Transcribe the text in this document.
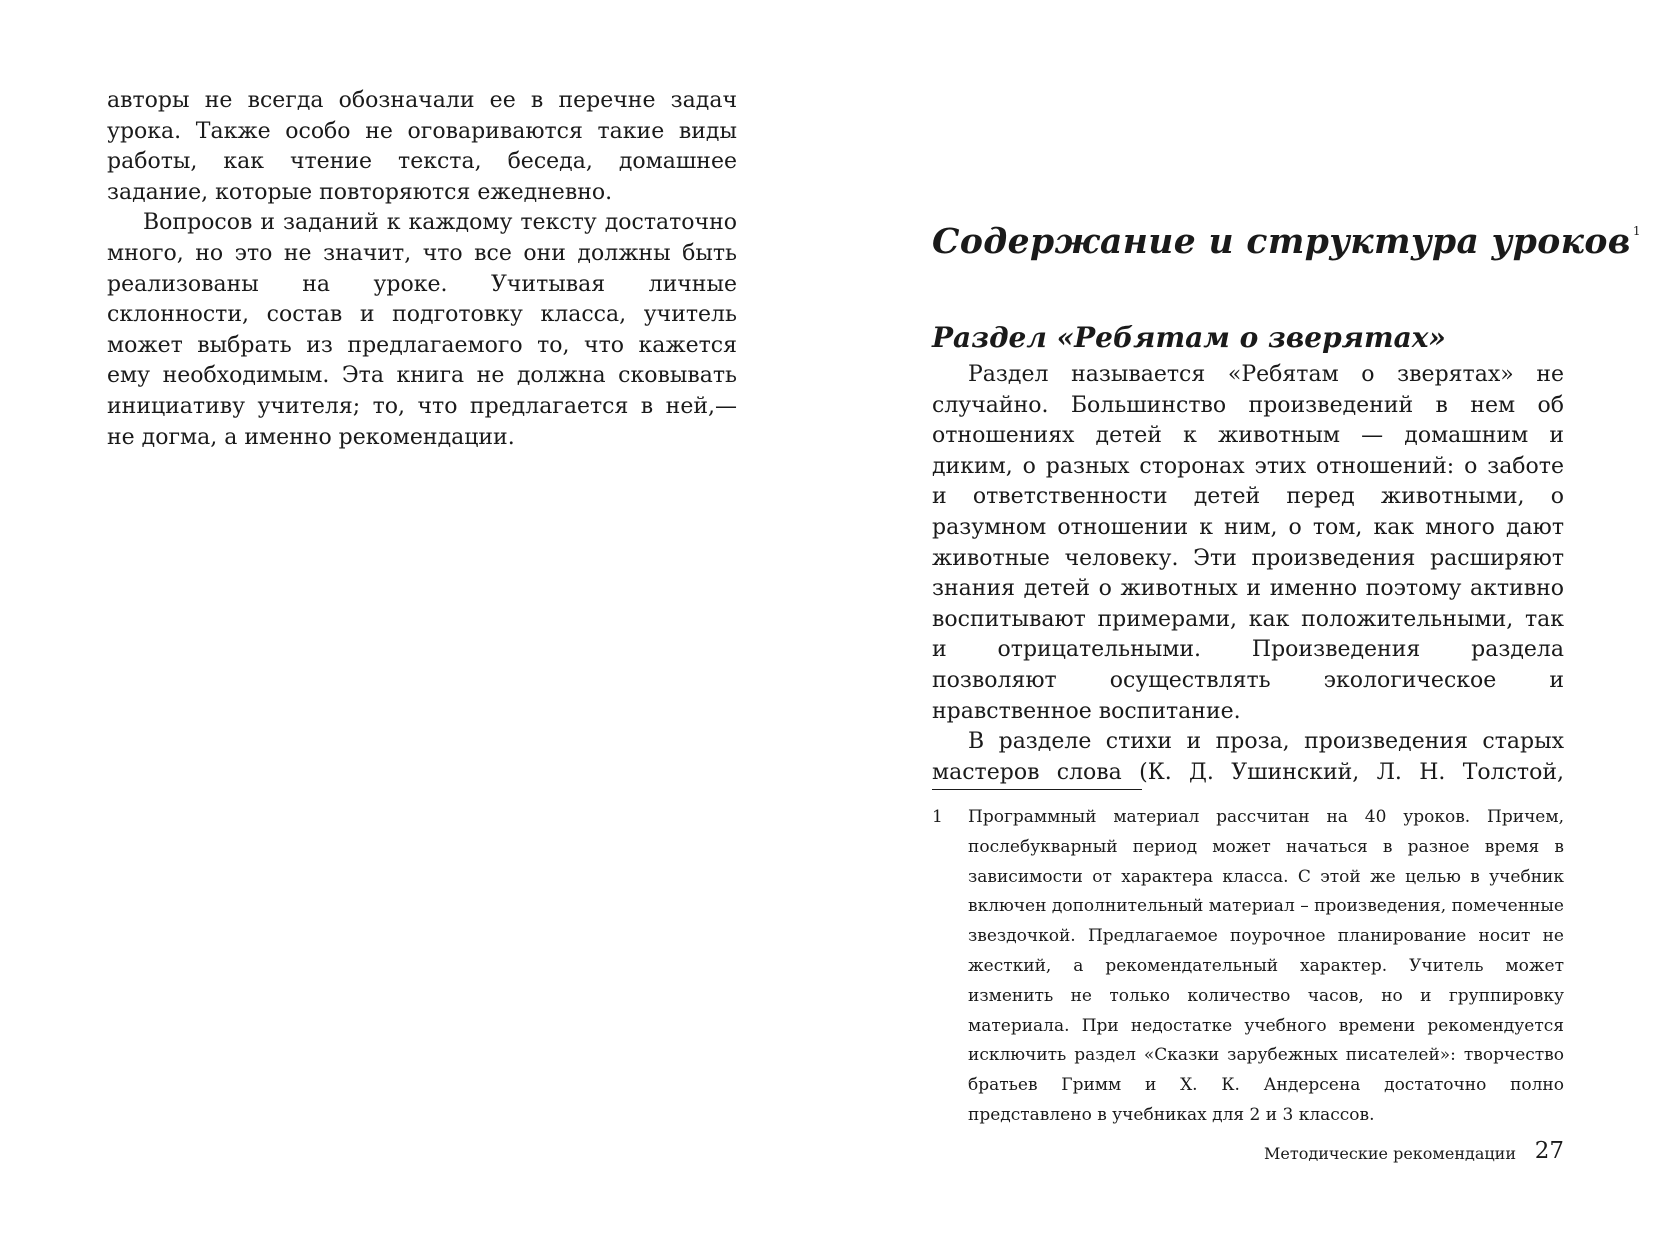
авторы не всегда обозначали ее в перечне задач урока. Также особо не оговариваются такие виды работы, как чтение текста, беседа, домашнее задание, которые повторяются ежедневно.

Вопросов и заданий к каждому тексту достаточно много, но это не значит, что все они должны быть реализованы на уроке. Учитывая личные склонности, состав и подготовку класса, учитель может выбрать из предлагаемого то, что кажется ему необходимым. Эта книга не должна сковывать инициативу учителя; то, что предлагается в ней,— не догма, а именно рекомендации.

Содержание и структура уроков $^1$
Раздел «Ребятам о зверятах»

Раздел называется «Ребятам о зверятах» не случайно. Большинство произведений в нем об отношениях детей к животным — домашним и диким, о разных сторонах этих отношений: о заботе и ответственности детей перед животными, о разумном отношении к ним, о том, как много дают животные человеку. Эти произведения расширяют знания детей о животных и именно поэтому активно воспитывают примерами, как положительными, так и отрицательными. Произведения раздела позволяют осуществлять экологическое и нравственное воспитание.

В разделе стихи и проза, произведения старых мастеров слова (К. Д. Ушинский, Л. Н. Толстой,

1 Программный материал рассчитан на 40 уроков. Причем, послебукварный период может начаться в разное время в зависимости от характера класса. С этой же целью в учебник включен дополнительный материал – произведения, помеченные звездочкой. Предлагаемое поурочное планирование носит не жесткий, а рекомендательный характер. Учитель может изменить не только количество часов, но и группировку материала. При недостатке учебного времени рекомендуется исключить раздел «Сказки зарубежных писателей»: творчество братьев Гримм и Х. К. Андерсена достаточно полно представлено в учебниках для 2 и 3 классов.
Методические рекомендации 27
